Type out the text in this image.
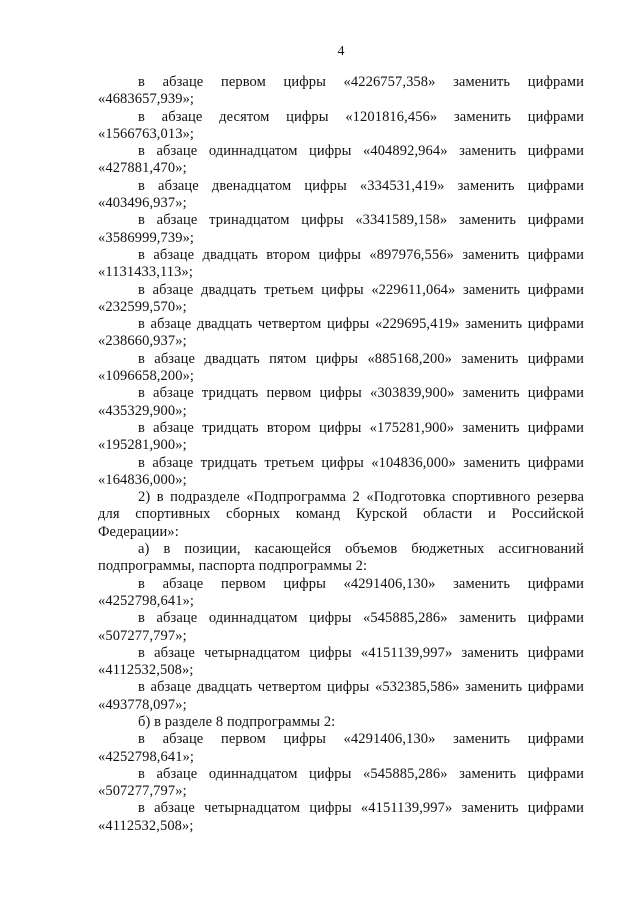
4

в абзаце первом цифры «4226757,358» заменить цифрами «4683657,939»;

в абзаце десятом цифры «1201816,456» заменить цифрами «1566763,013»;

в абзаце одиннадцатом цифры «404892,964» заменить цифрами «427881,470»;

в абзаце двенадцатом цифры «334531,419» заменить цифрами «403496,937»;

в абзаце тринадцатом цифры «3341589,158» заменить цифрами «3586999,739»;

в абзаце двадцать втором цифры «897976,556» заменить цифрами «1131433,113»;

в абзаце двадцать третьем цифры «229611,064» заменить цифрами «232599,570»;

в абзаце двадцать четвертом цифры «229695,419» заменить цифрами «238660,937»;

в абзаце двадцать пятом цифры «885168,200» заменить цифрами «1096658,200»;

в абзаце тридцать первом цифры «303839,900» заменить цифрами «435329,900»;

в абзаце тридцать втором цифры «175281,900» заменить цифрами «195281,900»;

в абзаце тридцать третьем цифры «104836,000» заменить цифрами «164836,000»;

2) в подразделе «Подпрограмма 2 «Подготовка спортивного резерва для спортивных сборных команд Курской области и Российской Федерации»:

а) в позиции, касающейся объемов бюджетных ассигнований подпрограммы, паспорта подпрограммы 2:

в абзаце первом цифры «4291406,130» заменить цифрами «4252798,641»;

в абзаце одиннадцатом цифры «545885,286» заменить цифрами «507277,797»;

в абзаце четырнадцатом цифры «4151139,997» заменить цифрами «4112532,508»;

в абзаце двадцать четвертом цифры «532385,586» заменить цифрами «493778,097»;

б) в разделе 8 подпрограммы 2:

в абзаце первом цифры «4291406,130» заменить цифрами «4252798,641»;

в абзаце одиннадцатом цифры «545885,286» заменить цифрами «507277,797»;

в абзаце четырнадцатом цифры «4151139,997» заменить цифрами «4112532,508»;
